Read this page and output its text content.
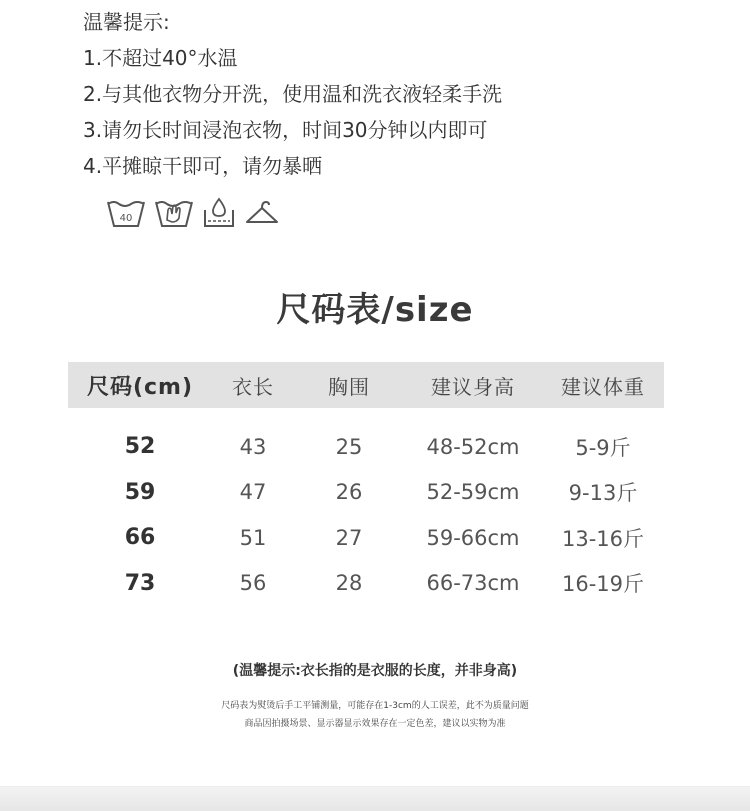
温馨提示:

1.不超过40°水温

2.与其他衣物分开洗，使用温和洗衣液轻柔手洗

3.请勿长时间浸泡衣物，时间30分钟以内即可

4.平摊晾干即可，请勿暴晒

40
尺码表/size
尺码(cm)	衣长	胸围	建议身高	建议体重
52	43	25	48-52cm	5-9斤
59	47	26	52-59cm	9-13斤
66	51	27	59-66cm	13-16斤
73	56	28	66-73cm	16-19斤
(温馨提示:衣长指的是衣服的长度，并非身高)
尺码表为熨烫后手工平铺测量，可能存在1-3cm的人工误差，此不为质量问题
商品因拍摄场景、显示器显示效果存在一定色差，建议以实物为准
